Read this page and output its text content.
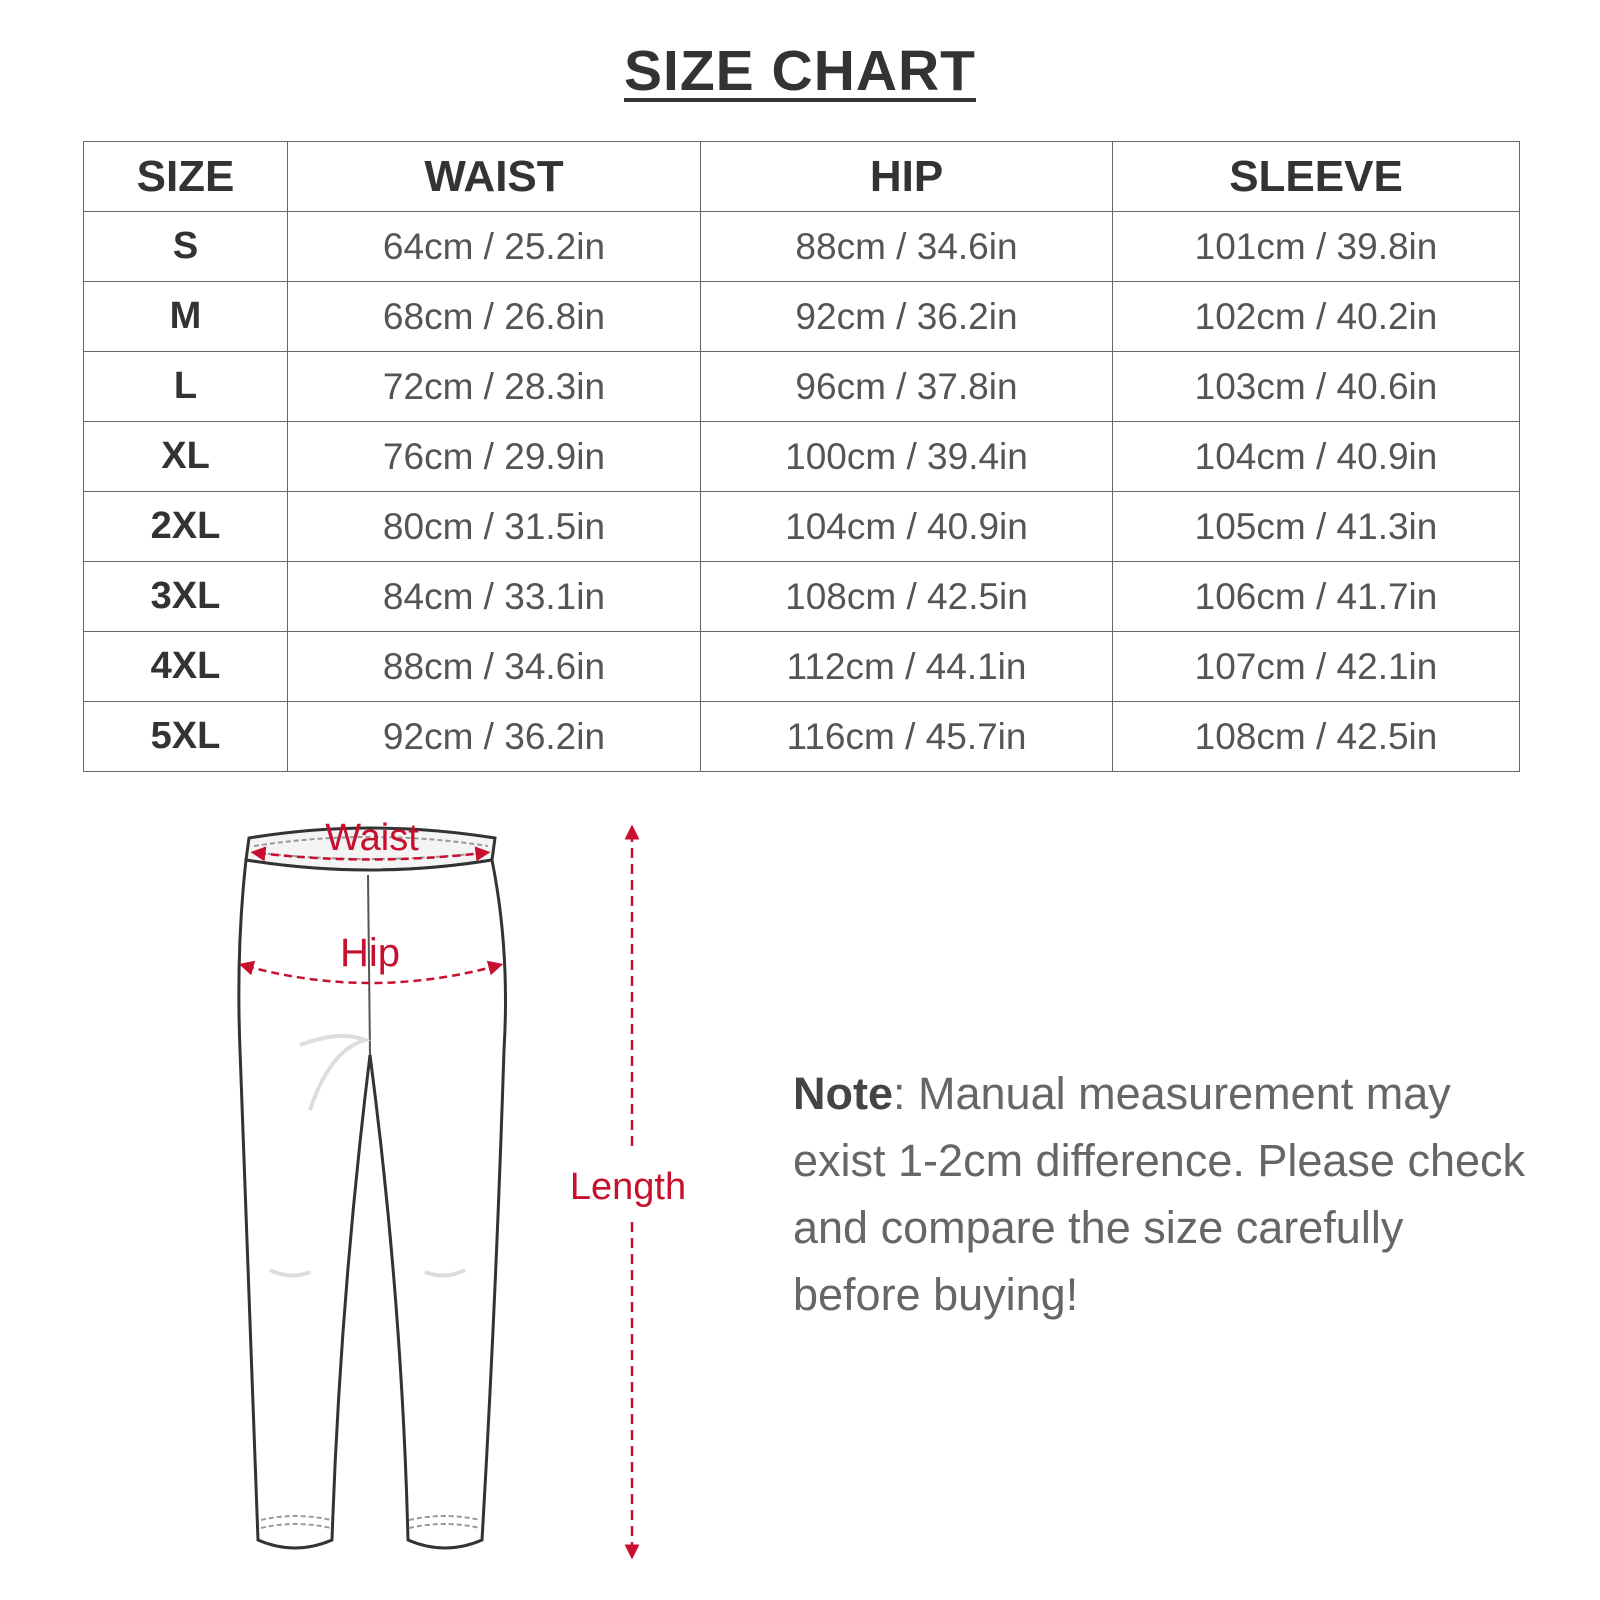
SIZE CHART
SIZE	WAIST	HIP	SLEEVE
S	64cm / 25.2in	88cm / 34.6in	101cm / 39.8in
M	68cm / 26.8in	92cm / 36.2in	102cm / 40.2in
L	72cm / 28.3in	96cm / 37.8in	103cm / 40.6in
XL	76cm / 29.9in	100cm / 39.4in	104cm / 40.9in
2XL	80cm / 31.5in	104cm / 40.9in	105cm / 41.3in
3XL	84cm / 33.1in	108cm / 42.5in	106cm / 41.7in
4XL	88cm / 34.6in	112cm / 44.1in	107cm / 42.1in
5XL	92cm / 36.2in	116cm / 45.7in	108cm / 42.5in
Waist
Hip
Length

Note: Manual measurement may exist 1-2cm difference. Please check and compare the size carefully before buying!
